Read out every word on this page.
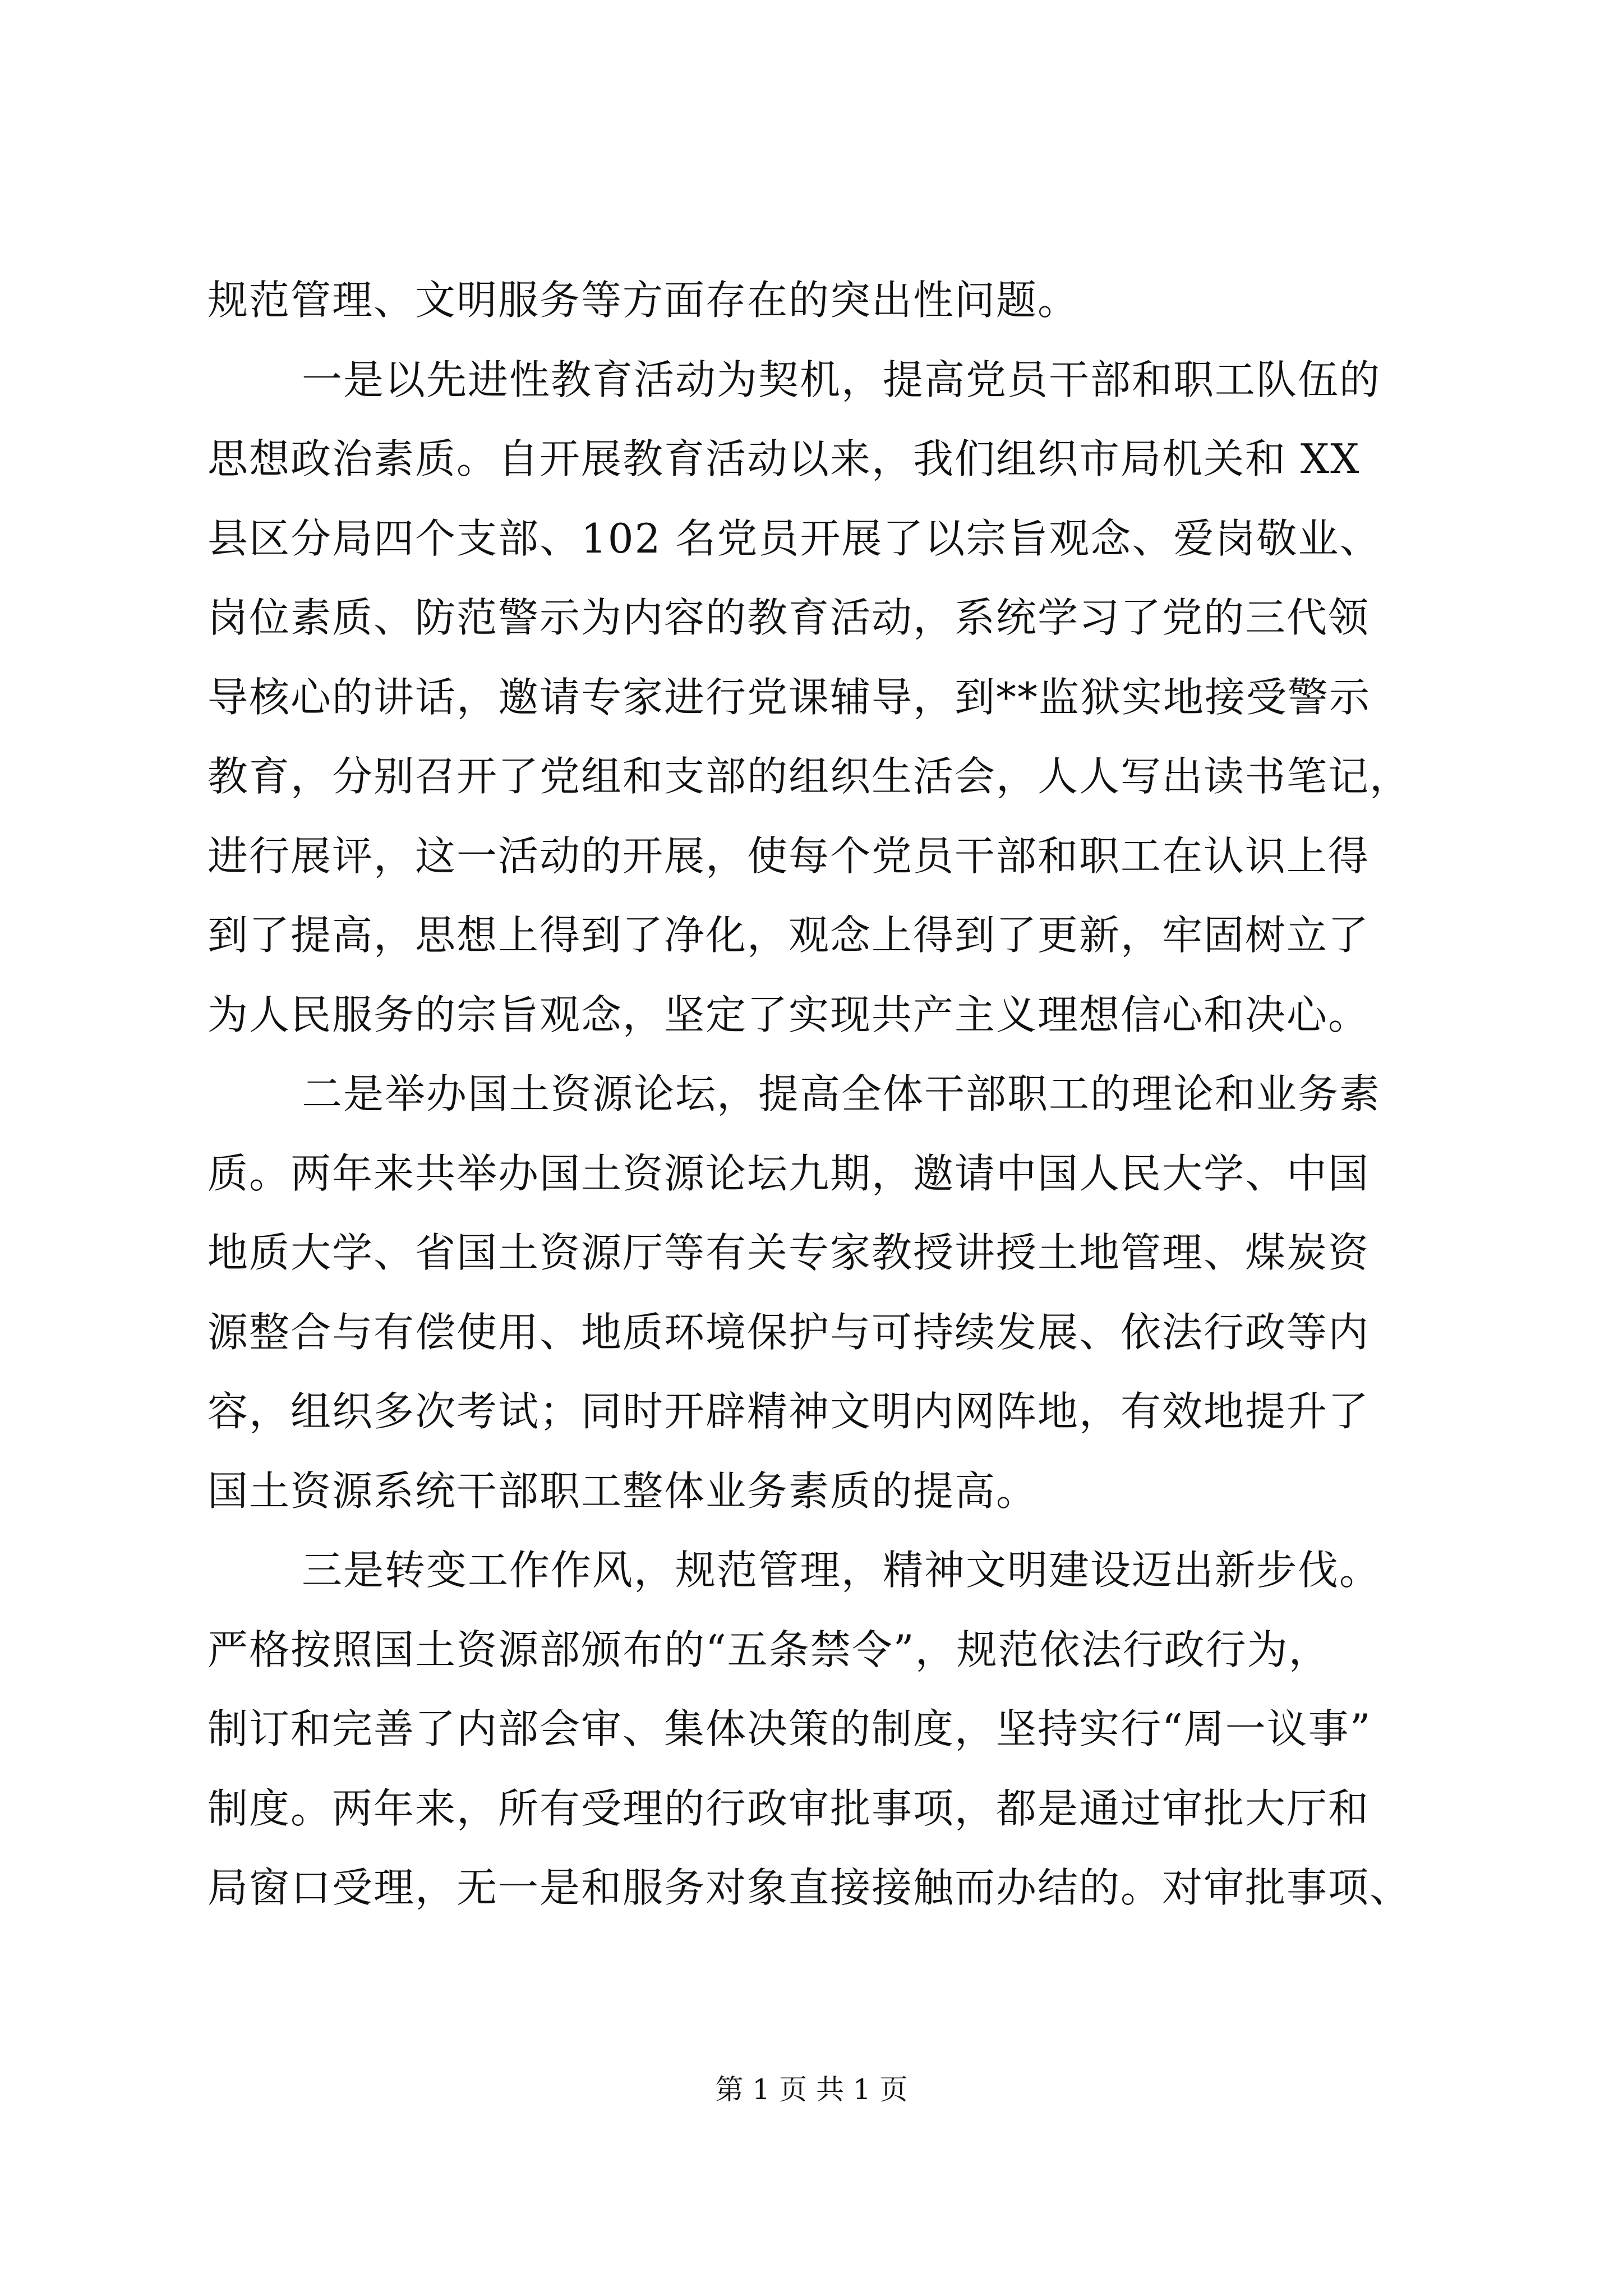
规范管理、文明服务等方面存在的突出性问题。
一是以先进性教育活动为契机，提高党员干部和职工队伍的
思想政治素质。自开展教育活动以来，我们组织市局机关和 XX
县区分局四个支部、102 名党员开展了以宗旨观念、爱岗敬业、
岗位素质、防范警示为内容的教育活动，系统学习了党的三代领
导核心的讲话，邀请专家进行党课辅导，到**监狱实地接受警示
教育，分别召开了党组和支部的组织生活会，人人写出读书笔记，
进行展评，这一活动的开展，使每个党员干部和职工在认识上得
到了提高，思想上得到了净化，观念上得到了更新，牢固树立了
为人民服务的宗旨观念，坚定了实现共产主义理想信心和决心。
二是举办国土资源论坛，提高全体干部职工的理论和业务素
质。两年来共举办国土资源论坛九期，邀请中国人民大学、中国
地质大学、省国土资源厅等有关专家教授讲授土地管理、煤炭资
源整合与有偿使用、地质环境保护与可持续发展、依法行政等内
容，组织多次考试；同时开辟精神文明内网阵地，有效地提升了
国土资源系统干部职工整体业务素质的提高。
三是转变工作作风，规范管理，精神文明建设迈出新步伐。
严格按照国土资源部颁布的“五条禁令”，规范依法行政行为，
制订和完善了内部会审、集体决策的制度，坚持实行“周一议事”
制度。两年来，所有受理的行政审批事项，都是通过审批大厅和
局窗口受理，无一是和服务对象直接接触而办结的。对审批事项、
第 1 页 共 1 页
